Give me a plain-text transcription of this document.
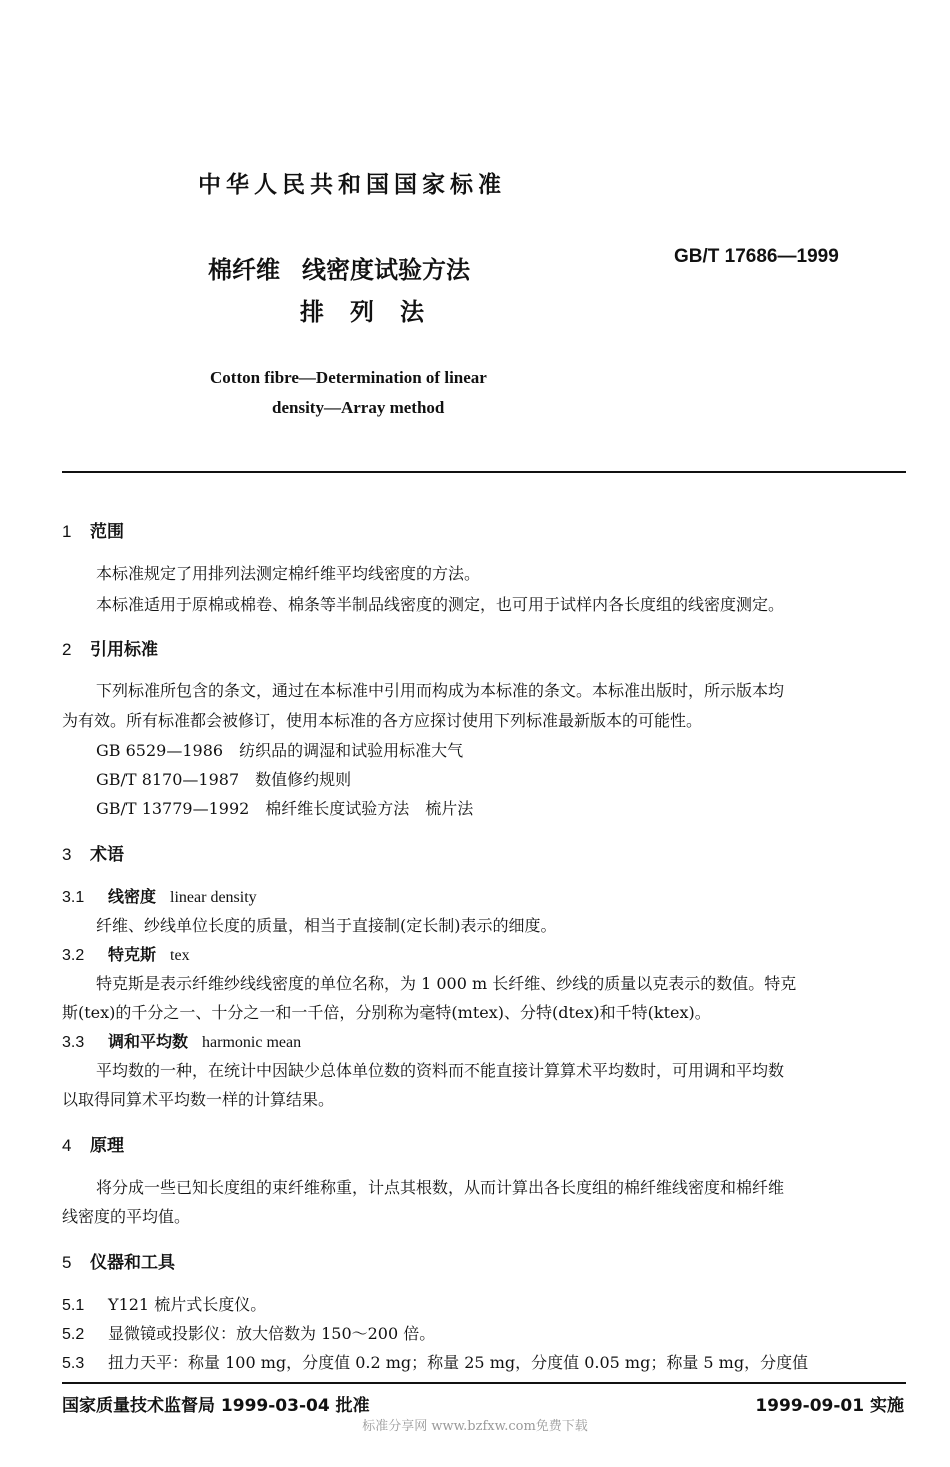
中华人民共和国国家标准
棉纤维 线密度试验方法
排列法
GB/T 17686—1999
Cotton fibre—Determination of linear
density—Array method
1 范围
本标准规定了用排列法测定棉纤维平均线密度的方法。
本标准适用于原棉或棉卷、棉条等半制品线密度的测定，也可用于试样内各长度组的线密度测定。
2 引用标准
下列标准所包含的条文，通过在本标准中引用而构成为本标准的条文。本标准出版时，所示版本均
为有效。所有标准都会被修订，使用本标准的各方应探讨使用下列标准最新版本的可能性。
GB 6529—1986　纺织品的调湿和试验用标准大气
GB/T 8170—1987　数值修约规则
GB/T 13779—1992　棉纤维长度试验方法　梳片法
3 术语
3.1 线密度 linear density
纤维、纱线单位长度的质量，相当于直接制(定长制)表示的细度。
3.2 特克斯 tex
特克斯是表示纤维纱线线密度的单位名称，为 1 000 m 长纤维、纱线的质量以克表示的数值。特克
斯(tex)的千分之一、十分之一和一千倍，分别称为毫特(mtex)、分特(dtex)和千特(ktex)。
3.3 调和平均数 harmonic mean
平均数的一种，在统计中因缺少总体单位数的资料而不能直接计算算术平均数时，可用调和平均数
以取得同算术平均数一样的计算结果。
4 原理
将分成一些已知长度组的束纤维称重，计点其根数，从而计算出各长度组的棉纤维线密度和棉纤维
线密度的平均值。
5 仪器和工具
5.1 Y121 梳片式长度仪。
5.2 显微镜或投影仪：放大倍数为 150～200 倍。
5.3 扭力天平：称量 100 mg，分度值 0.2 mg；称量 25 mg，分度值 0.05 mg；称量 5 mg，分度值
国家质量技术监督局 1999-03-04 批准	1999-09-01 实施
标准分享网 www.bzfxw.com免费下载
